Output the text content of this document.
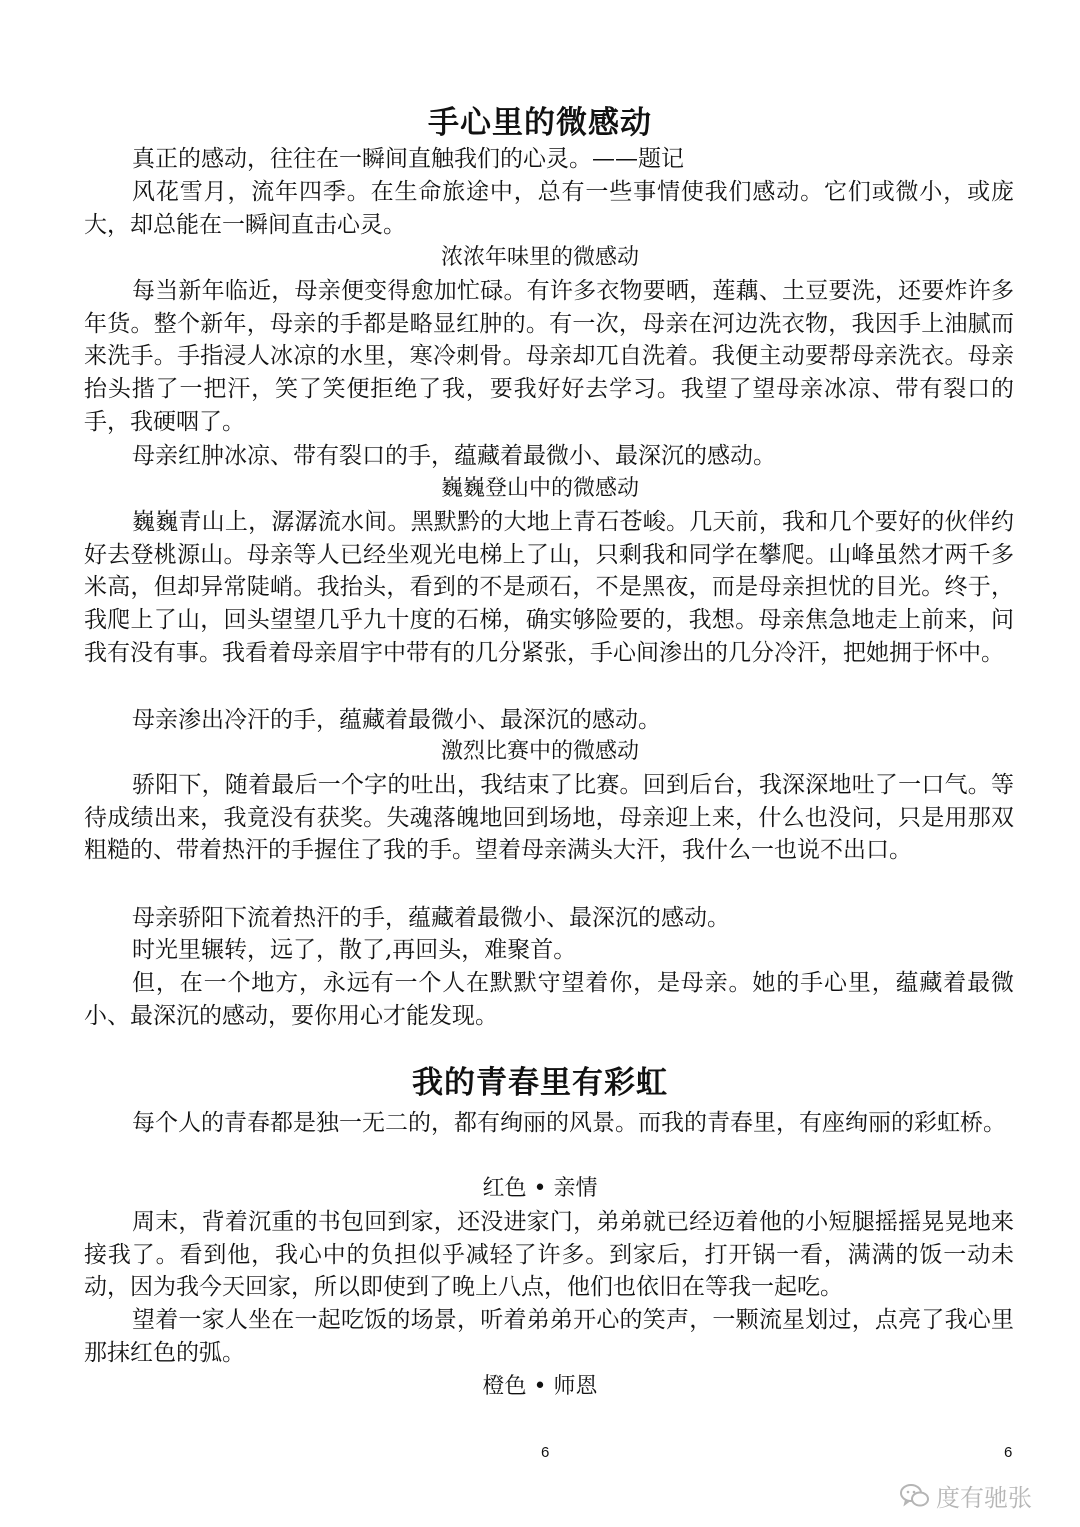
手心里的微感动

真正的感动，往往在一瞬间直触我们的心灵。——题记

风花雪月，流年四季。在生命旅途中，总有一些事情使我们感动。它们或微小，或庞大，却总能在一瞬间直击心灵。

浓浓年味里的微感动

每当新年临近，母亲便变得愈加忙碌。有许多衣物要晒，莲藕、土豆要洗，还要炸许多年货。整个新年，母亲的手都是略显红肿的。有一次，母亲在河边洗衣物，我因手上油腻而来洗手。手指浸人冰凉的水里，寒冷刺骨。母亲却兀自洗着。我便主动要帮母亲洗衣。母亲抬头揩了一把汗，笑了笑便拒绝了我，要我好好去学习。我望了望母亲冰凉、带有裂口的手，我硬咽了。

母亲红肿冰凉、带有裂口的手，蕴藏着最微小、最深沉的感动。

巍巍登山中的微感动

巍巍青山上，潺潺流水间。黑默黔的大地上青石苍峻。几天前，我和几个要好的伙伴约好去登桃源山。母亲等人已经坐观光电梯上了山，只剩我和同学在攀爬。山峰虽然才两千多米高，但却异常陡峭。我抬头，看到的不是顽石，不是黑夜，而是母亲担忧的目光。终于，我爬上了山，回头望望几乎九十度的石梯，确实够险要的，我想。母亲焦急地走上前来，问我有没有事。我看着母亲眉宇中带有的几分紧张，手心间渗出的几分冷汗，把她拥于怀中。

母亲渗出冷汗的手，蕴藏着最微小、最深沉的感动。

激烈比赛中的微感动

骄阳下，随着最后一个字的吐出，我结束了比赛。回到后台，我深深地吐了一口气。等待成绩出来，我竟没有获奖。失魂落魄地回到场地，母亲迎上来，什么也没问，只是用那双粗糙的、带着热汗的手握住了我的手。望着母亲满头大汗，我什么一也说不出口。

母亲骄阳下流着热汗的手，蕴藏着最微小、最深沉的感动。

时光里辗转，远了，散了,再回头，难聚首。

但，在一个地方，永远有一个人在默默守望着你，是母亲。她的手心里，蕴藏着最微小、最深沉的感动，要你用心才能发现。

我的青春里有彩虹

每个人的青春都是独一无二的，都有绚丽的风景。而我的青春里，有座绚丽的彩虹桥。

红色 • 亲情

周末，背着沉重的书包回到家，还没进家门，弟弟就已经迈着他的小短腿摇摇晃晃地来接我了。看到他，我心中的负担似乎减轻了许多。到家后，打开锅一看，满满的饭一动未动，因为我今天回家，所以即使到了晚上八点，他们也依旧在等我一起吃。

望着一家人坐在一起吃饭的场景，听着弟弟开心的笑声，一颗流星划过，点亮了我心里那抹红色的弧。

橙色 • 师恩
6	6
度有驰张
